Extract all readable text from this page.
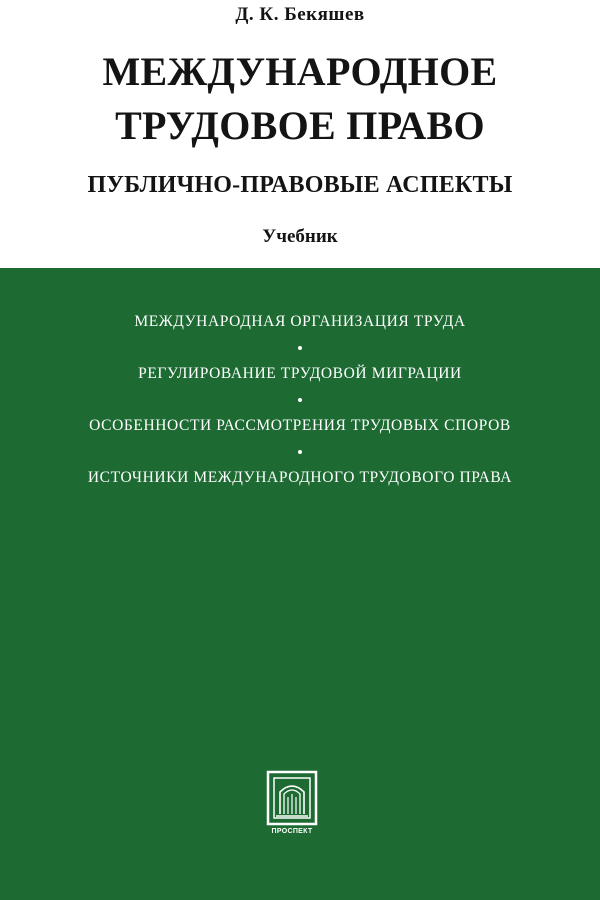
Д. К. Бекяшев
МЕЖДУНАРОДНОЕ
ТРУДОВОЕ ПРАВО
ПУБЛИЧНО-ПРАВОВЫЕ АСПЕКТЫ
Учебник
МЕЖДУНАРОДНАЯ ОРГАНИЗАЦИЯ ТРУДА
РЕГУЛИРОВАНИЕ ТРУДОВОЙ МИГРАЦИИ
ОСОБЕННОСТИ РАССМОТРЕНИЯ ТРУДОВЫХ СПОРОВ
ИСТОЧНИКИ МЕЖДУНАРОДНОГО ТРУДОВОГО ПРАВА
ПРОСПЕКТ
